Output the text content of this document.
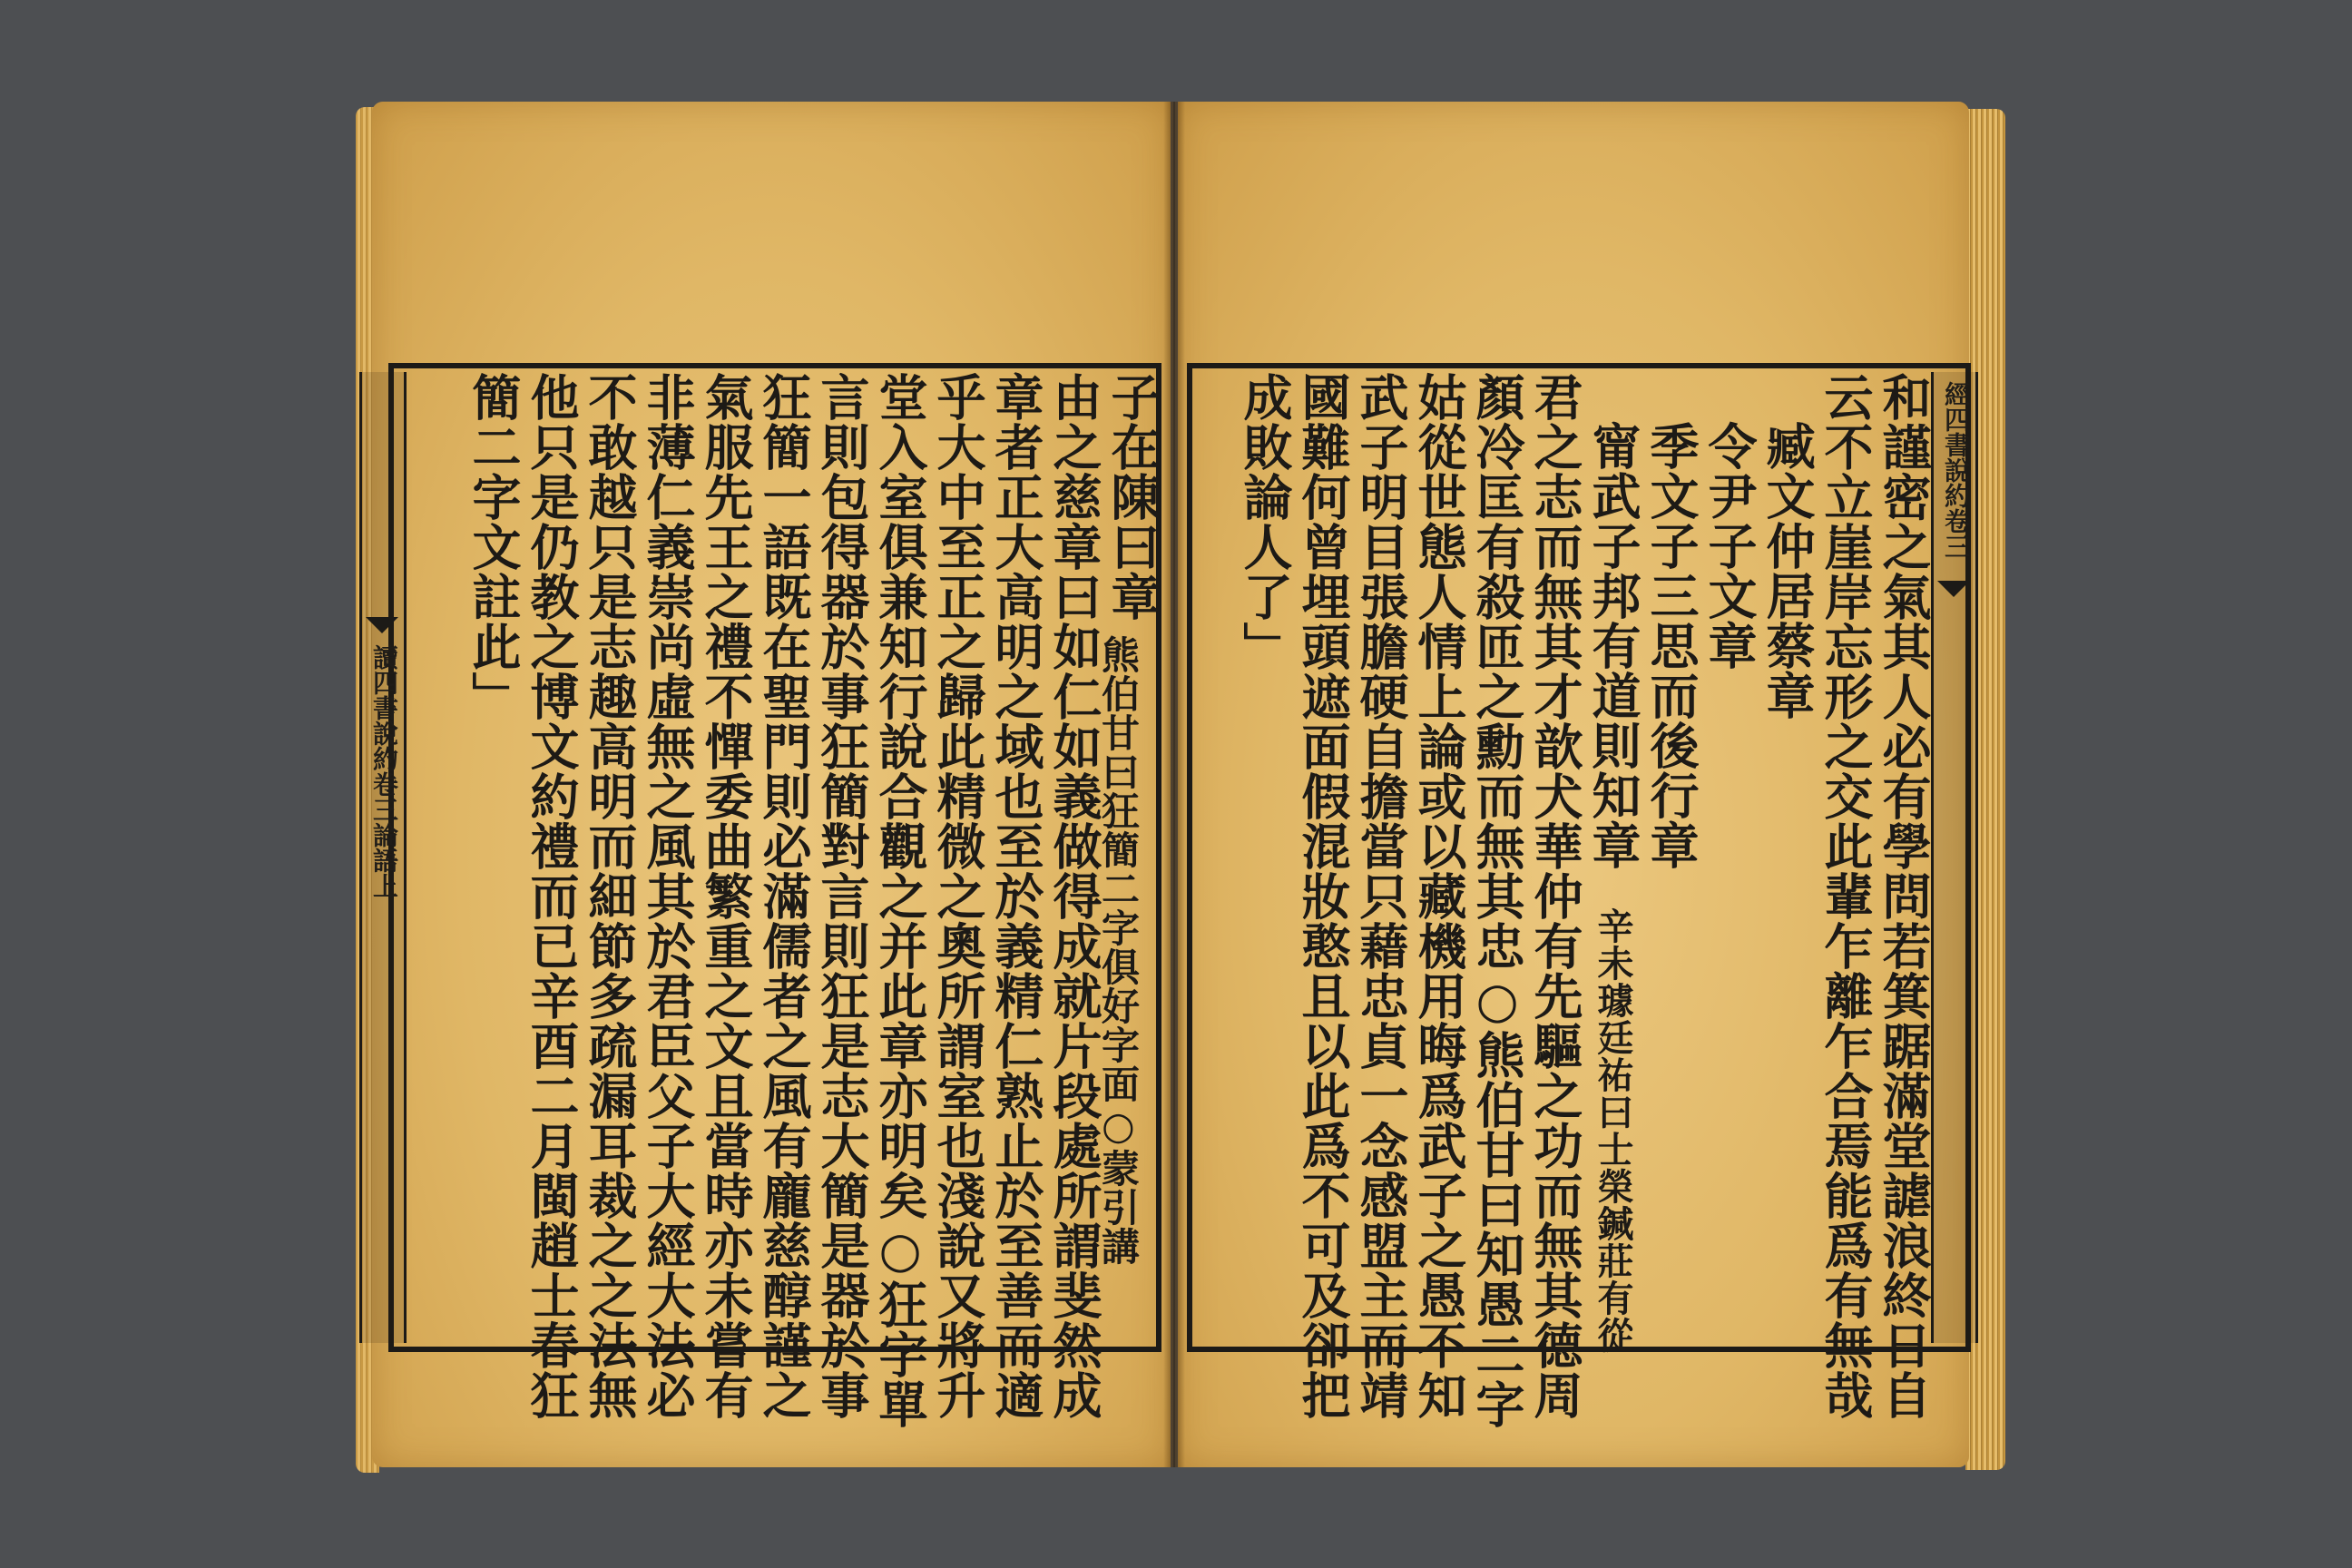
讀四書說約卷三論語上
經四書說約卷三
和謹密之氣其人必有學問若箕踞滿堂謔浪終日自
云不立崖岸忘形之交此輩乍離乍合焉能爲有無哉
臧文仲居蔡章
令尹子文章
季文子三思而後行章
甯武子邦有道則知章
君之志而無其才歆犬華仲有先驅之功而無其德周
顏冷匡有殺匝之勳而無其忠○熊伯甘曰知愚二字
姑從世態人情上論或以藏機用晦爲武子之愚不知
武子明目張膽硬自擔當只藉忠貞一念感盟主而靖
國難何曾埋頭遮面假混妝憨且以此爲不可及卻把
成敗論人了」
辛未璩廷祐曰士榮鍼莊有從
子在陳曰章
由之慈章曰如仁如義做得成就片段處所謂斐然成
章者正大高明之域也至於義精仁熟止於至善而適
乎大中至正之歸此精微之奧所謂室也淺說又將升
堂入室俱兼知行說合觀之并此章亦明矣○狂字單
言則包得器於事狂簡對言則狂是志大簡是器於事
狂簡一語既在聖門則必滿儒者之風有龐慈醇謹之
氣服先王之禮不憚委曲繁重之文且當時亦未嘗有
非薄仁義崇尚虛無之風其於君臣父子大經大法必
不敢越只是志趣高明而細節多疏漏耳裁之之法無
他只是仍教之博文約禮而已辛酉二月閩趙士春狂
簡二字文註此」
熊伯甘曰狂簡二字俱好字面○蒙引講
